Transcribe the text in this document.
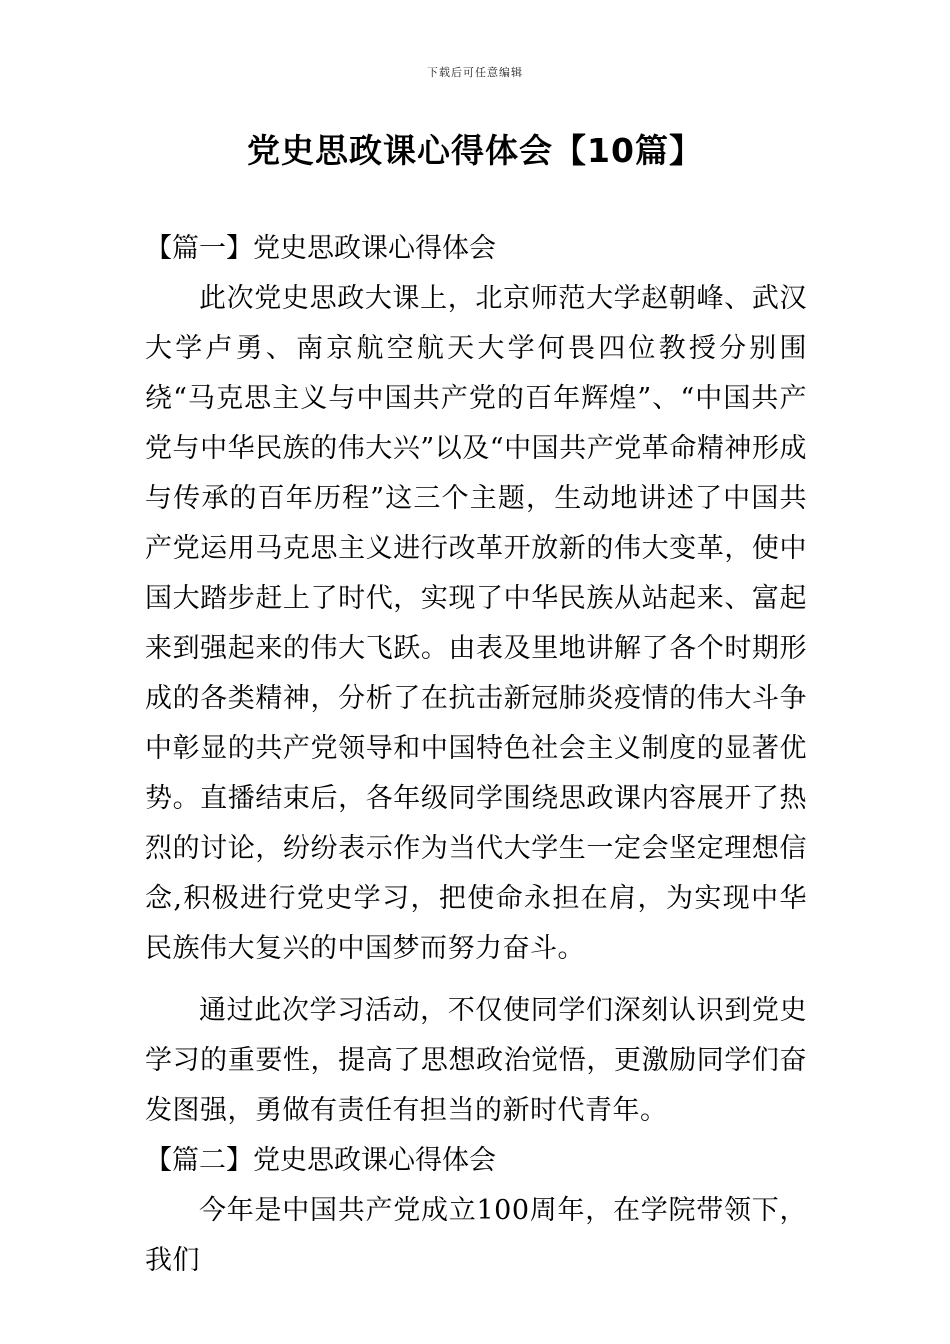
下载后可任意编辑
党史思政课心得体会【10篇】

【篇一】党史思政课心得体会

此次党史思政大课上，北京师范大学赵朝峰、武汉大学卢勇、南京航空航天大学何畏四位教授分别围绕“马克思主义与中国共产党的百年辉煌”、“中国共产党与中华民族的伟大兴”以及“中国共产党革命精神形成与传承的百年历程”这三个主题，生动地讲述了中国共产党运用马克思主义进行改革开放新的伟大变革，使中国大踏步赶上了时代，实现了中华民族从站起来、富起来到强起来的伟大飞跃。由表及里地讲解了各个时期形成的各类精神，分析了在抗击新冠肺炎疫情的伟大斗争中彰显的共产党领导和中国特色社会主义制度的显著优势。直播结束后，各年级同学围绕思政课内容展开了热烈的讨论，纷纷表示作为当代大学生一定会坚定理想信念,积极进行党史学习，把使命永担在肩，为实现中华民族伟大复兴的中国梦而努力奋斗。

通过此次学习活动，不仅使同学们深刻认识到党史学习的重要性，提高了思想政治觉悟，更激励同学们奋发图强，勇做有责任有担当的新时代青年。

【篇二】党史思政课心得体会

今年是中国共产党成立100周年，在学院带领下，我们
